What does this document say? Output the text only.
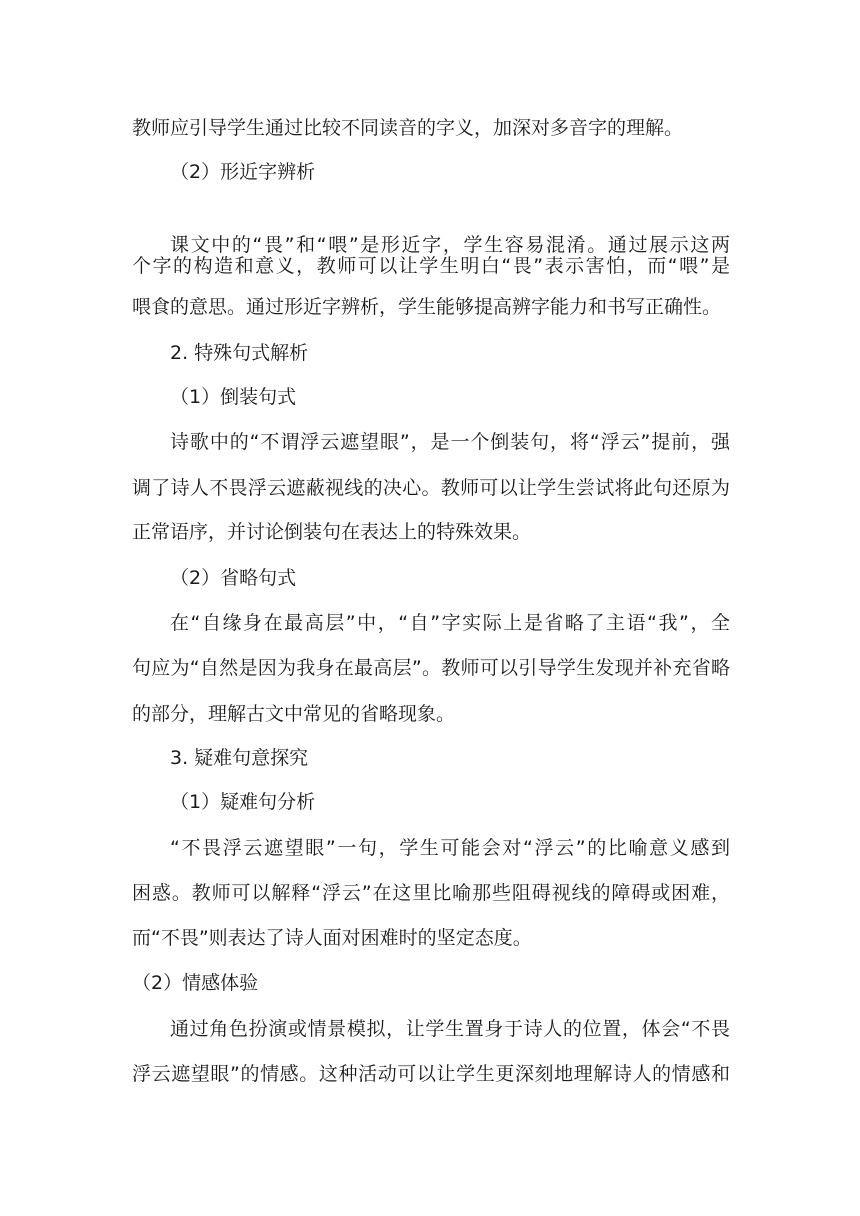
教师应引导学生通过比较不同读音的字义，加深对多音字的理解。

（2）形近字辨析

课文中的“畏”和“喂”是形近字，学生容易混淆。通过展示这两

个字的构造和意义，教师可以让学生明白“畏”表示害怕，而“喂”是

喂食的意思。通过形近字辨析，学生能够提高辨字能力和书写正确性。

2. 特殊句式解析

（1）倒装句式

诗歌中的“不谓浮云遮望眼”，是一个倒装句，将“浮云”提前，强

调了诗人不畏浮云遮蔽视线的决心。教师可以让学生尝试将此句还原为

正常语序，并讨论倒装句在表达上的特殊效果。

（2）省略句式

在“自缘身在最高层”中，“自”字实际上是省略了主语“我”，全

句应为“自然是因为我身在最高层”。教师可以引导学生发现并补充省略

的部分，理解古文中常见的省略现象。

3. 疑难句意探究

（1）疑难句分析

“不畏浮云遮望眼”一句，学生可能会对“浮云”的比喻意义感到

困惑。教师可以解释“浮云”在这里比喻那些阻碍视线的障碍或困难，

而“不畏”则表达了诗人面对困难时的坚定态度。

（2）情感体验

通过角色扮演或情景模拟，让学生置身于诗人的位置，体会“不畏

浮云遮望眼”的情感。这种活动可以让学生更深刻地理解诗人的情感和
